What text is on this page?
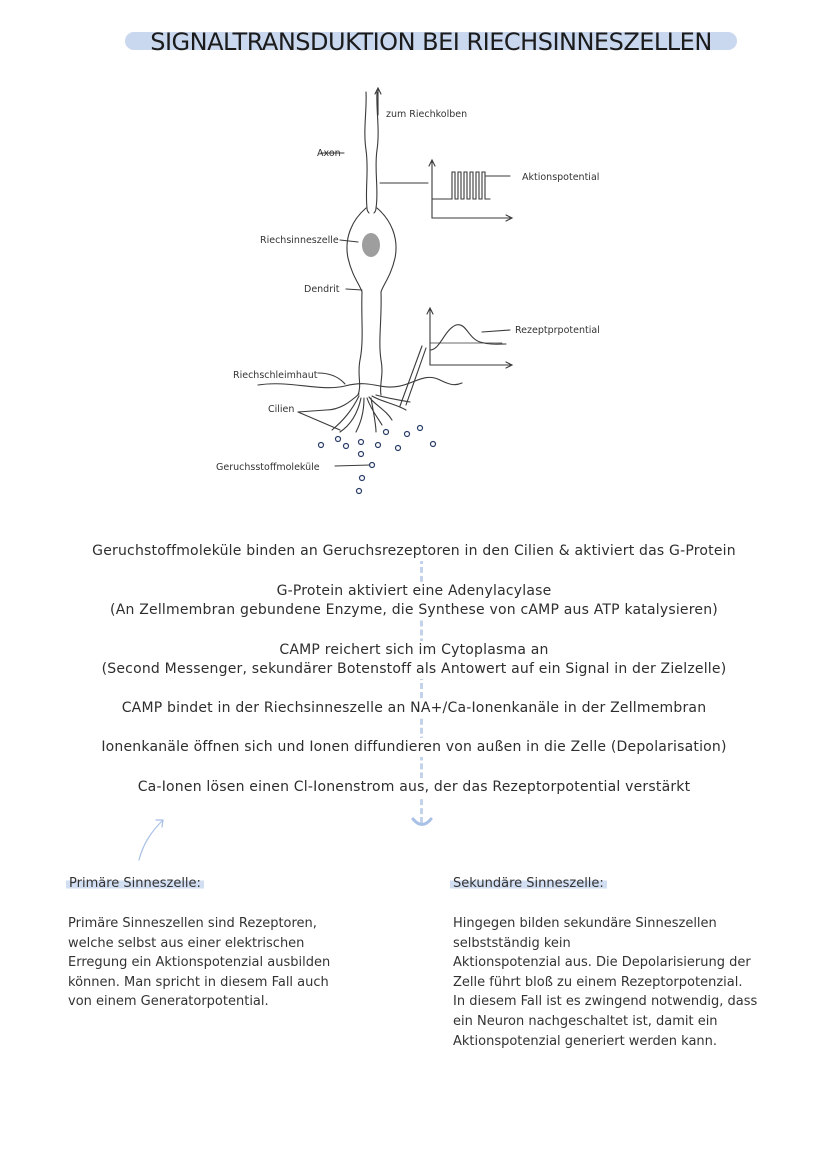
SIGNALTRANSDUKTION BEI RIECHSINNESZELLEN
zum Riechkolben
Axon
Aktionspotential
Riechsinneszelle
Dendrit
Rezeptprpotential
Riechschleimhaut
Cilien
Geruchsstoffmoleküle
Geruchstoffmoleküle binden an Geruchsrezeptoren in den Cilien & aktiviert das G-Protein
G-Protein aktiviert eine Adenylacylase
(An Zellmembran gebundene Enzyme, die Synthese von cAMP aus ATP katalysieren)
CAMP reichert sich im Cytoplasma an
(Second Messenger, sekundärer Botenstoff als Antowert auf ein Signal in der Zielzelle)
CAMP bindet in der Riechsinneszelle an NA+/Ca-Ionenkanäle in der Zellmembran
Ionenkanäle öffnen sich und Ionen diffundieren von außen in die Zelle (Depolarisation)
Ca-Ionen lösen einen Cl-Ionenstrom aus, der das Rezeptorpotential verstärkt
Primäre Sinneszelle:
Primäre Sinneszellen sind Rezeptoren,
welche selbst aus einer elektrischen
Erregung ein Aktionspotenzial ausbilden
können. Man spricht in diesem Fall auch
von einem Generatorpotential.
Sekundäre Sinneszelle:
Hingegen bilden sekundäre Sinneszellen
selbstständig kein
Aktionspotenzial aus. Die Depolarisierung der
Zelle führt bloß zu einem Rezeptorpotenzial.
In diesem Fall ist es zwingend notwendig, dass
ein Neuron nachgeschaltet ist, damit ein
Aktionspotenzial generiert werden kann.
